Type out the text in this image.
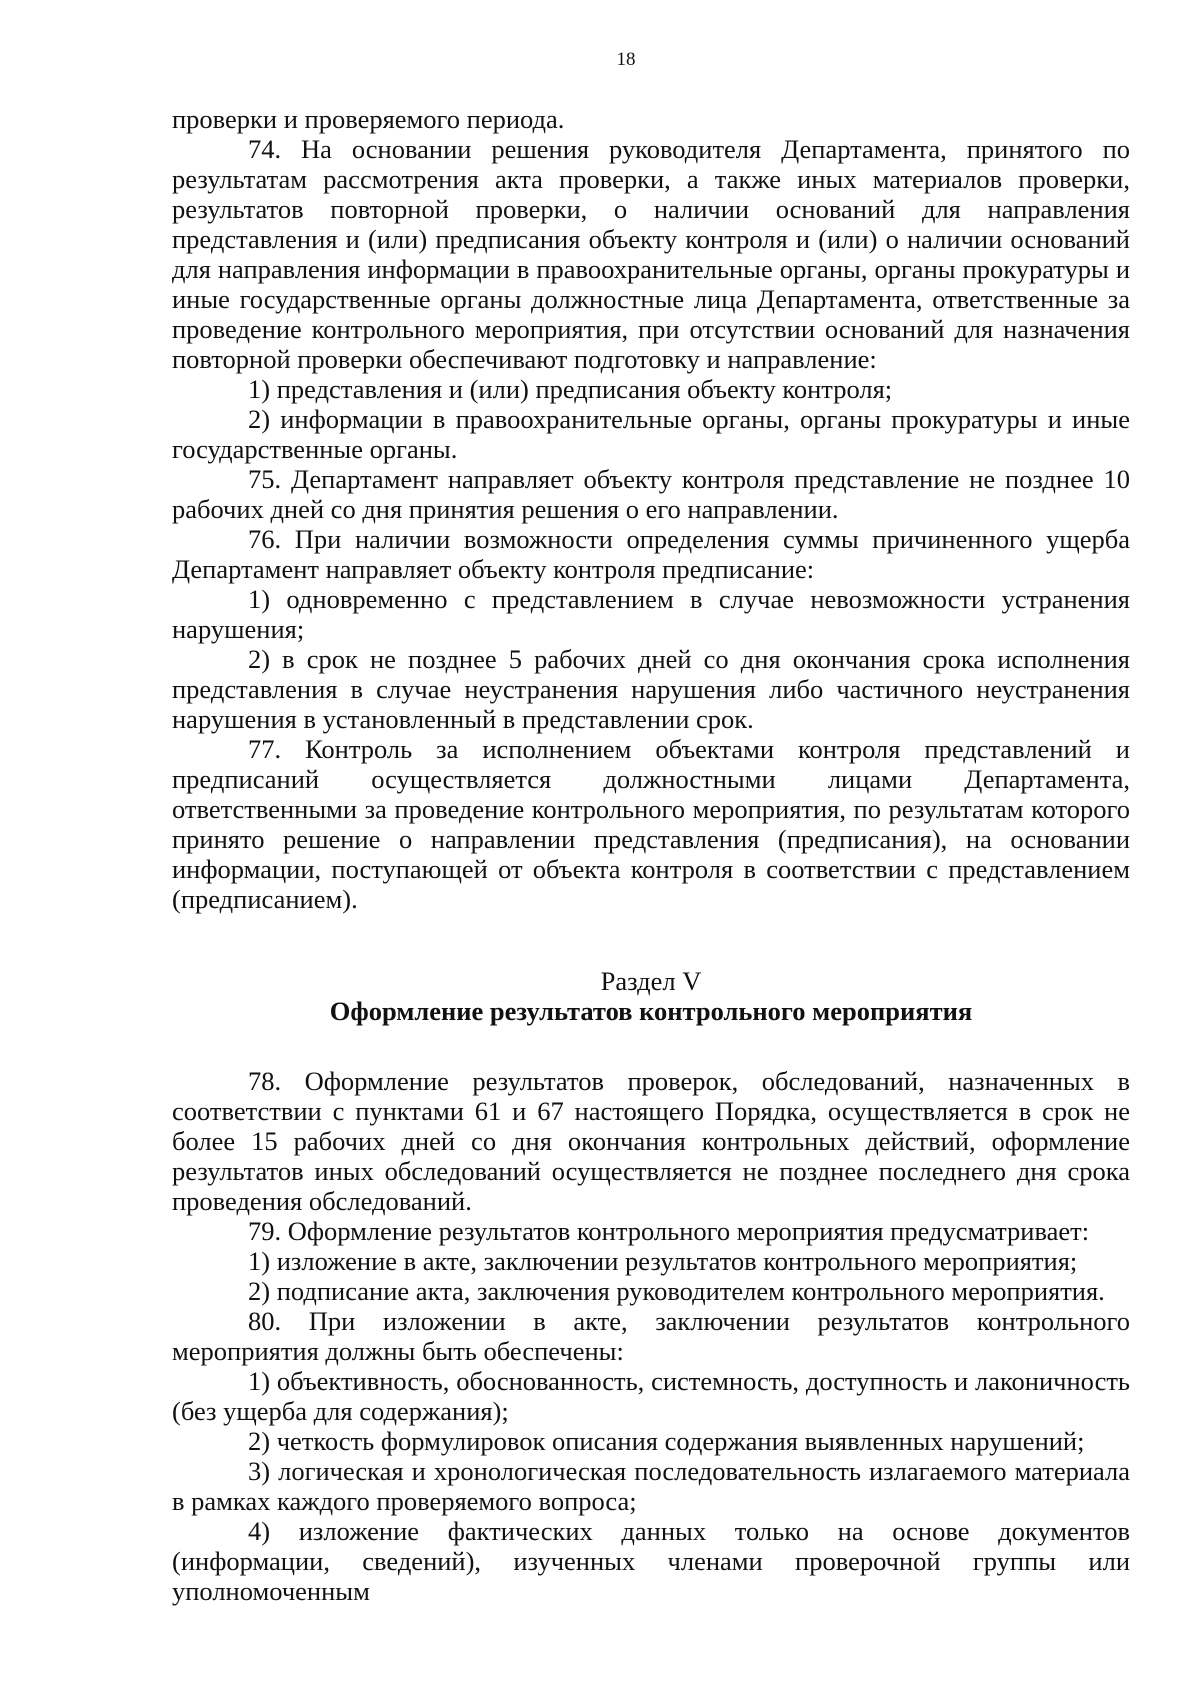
18

проверки и проверяемого периода.

74. На основании решения руководителя Департамента, принятого по результатам рассмотрения акта проверки, а также иных материалов проверки, результатов повторной проверки, о наличии оснований для направления представления и (или) предписания объекту контроля и (или) о наличии оснований для направления информации в правоохранительные органы, органы прокуратуры и иные государственные органы должностные лица Департамента, ответственные за проведение контрольного мероприятия, при отсутствии оснований для назначения повторной проверки обеспечивают подготовку и направление:

1) представления и (или) предписания объекту контроля;

2) информации в правоохранительные органы, органы прокуратуры и иные государственные органы.

75. Департамент направляет объекту контроля представление не позднее 10 рабочих дней со дня принятия решения о его направлении.

76. При наличии возможности определения суммы причиненного ущерба Департамент направляет объекту контроля предписание:

1) одновременно с представлением в случае невозможности устранения нарушения;

2) в срок не позднее 5 рабочих дней со дня окончания срока исполнения представления в случае неустранения нарушения либо частичного неустранения нарушения в установленный в представлении срок.

77. Контроль за исполнением объектами контроля представлений и предписаний осуществляется должностными лицами Департамента, ответственными за проведение контрольного мероприятия, по результатам которого принято решение о направлении представления (предписания), на основании информации, поступающей от объекта контроля в соответствии с представлением (предписанием).

Раздел V
Оформление результатов контрольного мероприятия

78. Оформление результатов проверок, обследований, назначенных в соответствии с пунктами 61 и 67 настоящего Порядка, осуществляется в срок не более 15 рабочих дней со дня окончания контрольных действий, оформление результатов иных обследований осуществляется не позднее последнего дня срока проведения обследований.

79. Оформление результатов контрольного мероприятия предусматривает:

1) изложение в акте, заключении результатов контрольного мероприятия;

2) подписание акта, заключения руководителем контрольного мероприятия.

80. При изложении в акте, заключении результатов контрольного мероприятия должны быть обеспечены:

1) объективность, обоснованность, системность, доступность и лаконичность (без ущерба для содержания);

2) четкость формулировок описания содержания выявленных нарушений;

3) логическая и хронологическая последовательность излагаемого материала в рамках каждого проверяемого вопроса;

4) изложение фактических данных только на основе документов (информации, сведений), изученных членами проверочной группы или уполномоченным
